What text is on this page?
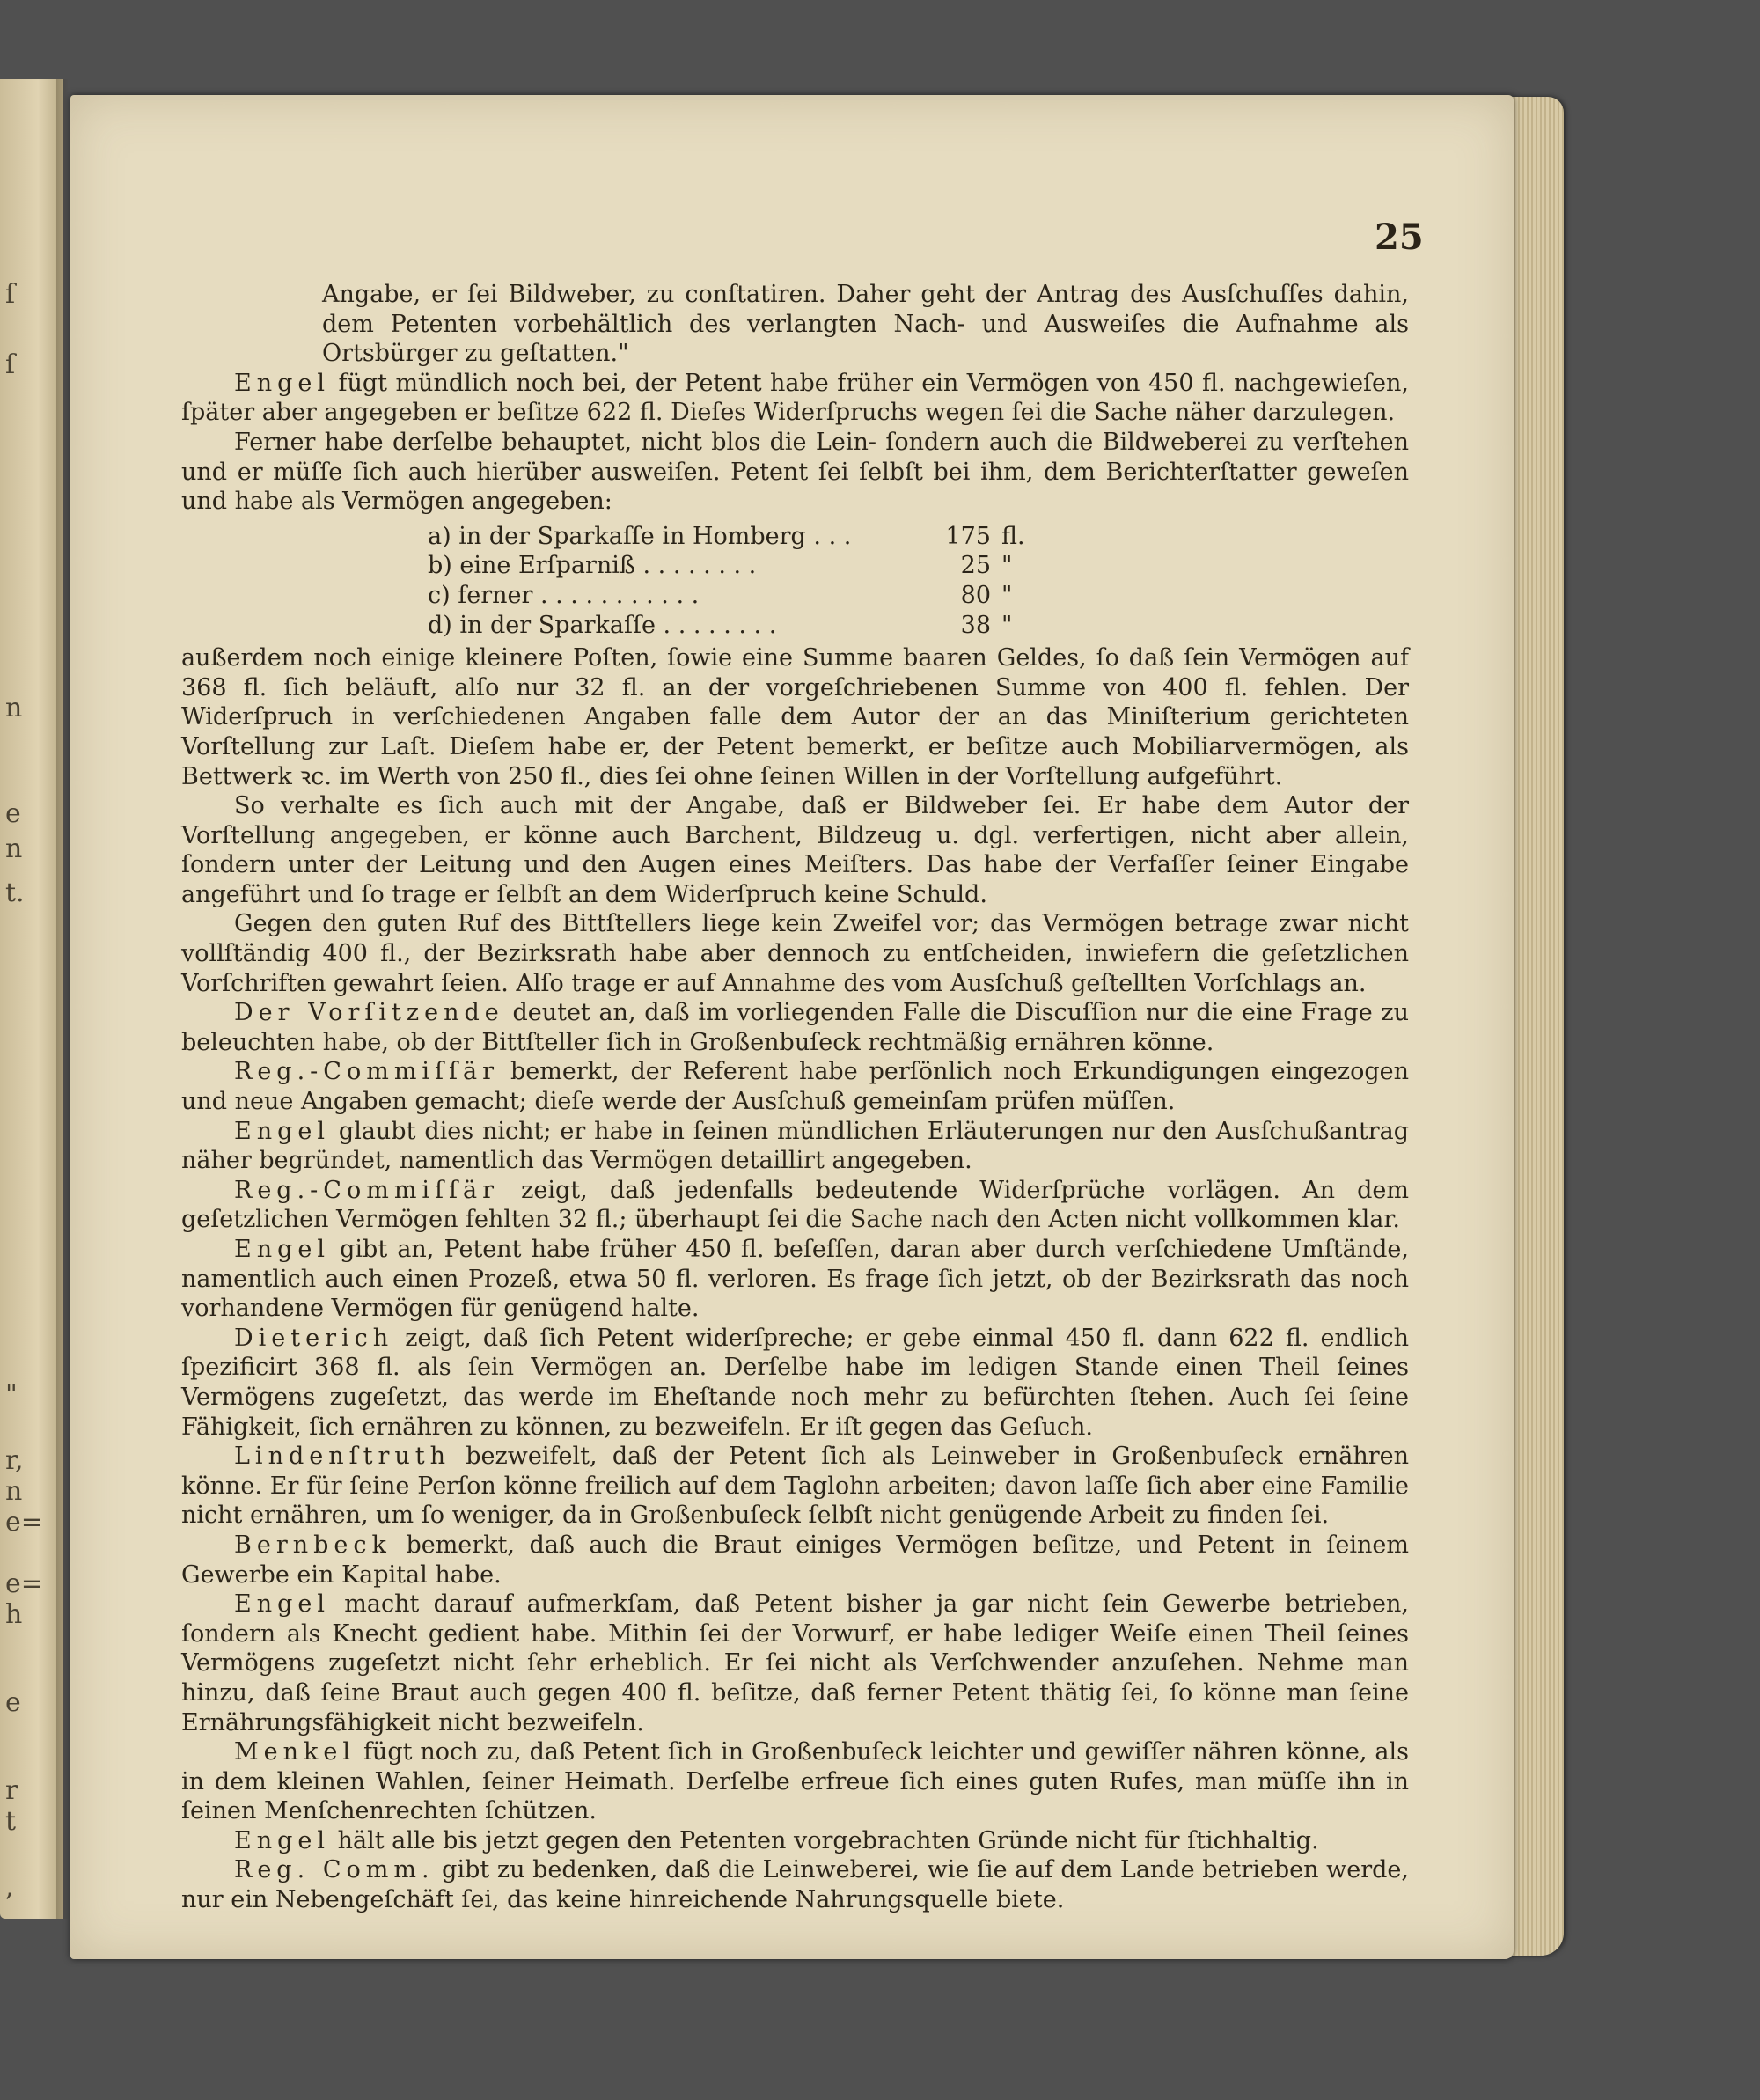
ſ
ſ
n
e
n
t.
"
r,
n
e=
e=
h
e
r
t
,
25

Angabe, er ſei Bildweber, zu conſtatiren. Daher geht der Antrag des Ausſchuſſes dahin, dem Petenten vorbehältlich des verlangten Nach- und Ausweiſes die Aufnahme als Ortsbürger zu geſtatten."

Engel fügt mündlich noch bei, der Petent habe früher ein Vermögen von 450 fl. nachgewieſen, ſpäter aber angegeben er beſitze 622 fl. Dieſes Widerſpruchs wegen ſei die Sache näher darzulegen.

Ferner habe derſelbe behauptet, nicht blos die Lein- ſondern auch die Bildweberei zu verſtehen und er müſſe ſich auch hierüber ausweiſen. Petent ſei ſelbſt bei ihm, dem Berichterſtatter geweſen und habe als Vermögen angegeben:

a) in der Sparkaſſe in Homberg . . .	175 fl.
b) eine Erſparniß . . . . . . . .	25 "
c) ferner . . . . . . . . . . .	80 "
d) in der Sparkaſſe . . . . . . . .	38 "

außerdem noch einige kleinere Poſten, ſowie eine Summe baaren Geldes, ſo daß ſein Vermögen auf 368 fl. ſich beläuft, alſo nur 32 fl. an der vorgeſchriebenen Summe von 400 fl. fehlen. Der Widerſpruch in verſchiedenen Angaben falle dem Autor der an das Miniſterium gerichteten Vorſtellung zur Laſt. Dieſem habe er, der Petent bemerkt, er beſitze auch Mobiliarvermögen, als Bettwerk ꝛc. im Werth von 250 fl., dies ſei ohne ſeinen Willen in der Vorſtellung aufgeführt.

So verhalte es ſich auch mit der Angabe, daß er Bildweber ſei. Er habe dem Autor der Vorſtellung angegeben, er könne auch Barchent, Bildzeug u. dgl. verfertigen, nicht aber allein, ſondern unter der Leitung und den Augen eines Meiſters. Das habe der Verfaſſer ſeiner Eingabe angeführt und ſo trage er ſelbſt an dem Widerſpruch keine Schuld.

Gegen den guten Ruf des Bittſtellers liege kein Zweifel vor; das Vermögen betrage zwar nicht vollſtändig 400 fl., der Bezirksrath habe aber dennoch zu entſcheiden, inwiefern die geſetzlichen Vorſchriften gewahrt ſeien. Alſo trage er auf Annahme des vom Ausſchuß geſtellten Vorſchlags an.

Der Vorſitzende deutet an, daß im vorliegenden Falle die Discuſſion nur die eine Frage zu beleuchten habe, ob der Bittſteller ſich in Großenbuſeck rechtmäßig ernähren könne.

Reg.-Commiſſär bemerkt, der Referent habe perſönlich noch Erkundigungen eingezogen und neue Angaben gemacht; dieſe werde der Ausſchuß gemeinſam prüfen müſſen.

Engel glaubt dies nicht; er habe in ſeinen mündlichen Erläuterungen nur den Ausſchußantrag näher begründet, namentlich das Vermögen detaillirt angegeben.

Reg.-Commiſſär zeigt, daß jedenfalls bedeutende Widerſprüche vorlägen. An dem geſetzlichen Vermögen fehlten 32 fl.; überhaupt ſei die Sache nach den Acten nicht vollkommen klar.

Engel gibt an, Petent habe früher 450 fl. beſeſſen, daran aber durch verſchiedene Umſtände, namentlich auch einen Prozeß, etwa 50 fl. verloren. Es frage ſich jetzt, ob der Bezirksrath das noch vorhandene Vermögen für genügend halte.

Dieterich zeigt, daß ſich Petent widerſpreche; er gebe einmal 450 fl. dann 622 fl. endlich ſpezificirt 368 fl. als ſein Vermögen an. Derſelbe habe im ledigen Stande einen Theil ſeines Vermögens zugeſetzt, das werde im Eheſtande noch mehr zu befürchten ſtehen. Auch ſei ſeine Fähigkeit, ſich ernähren zu können, zu bezweifeln. Er iſt gegen das Geſuch.

Lindenſtruth bezweifelt, daß der Petent ſich als Leinweber in Großenbuſeck ernähren könne. Er für ſeine Perſon könne freilich auf dem Taglohn arbeiten; davon laſſe ſich aber eine Familie nicht ernähren, um ſo weniger, da in Großenbuſeck ſelbſt nicht genügende Arbeit zu finden ſei.

Bernbeck bemerkt, daß auch die Braut einiges Vermögen beſitze, und Petent in ſeinem Gewerbe ein Kapital habe.

Engel macht darauf aufmerkſam, daß Petent bisher ja gar nicht ſein Gewerbe betrieben, ſondern als Knecht gedient habe. Mithin ſei der Vorwurf, er habe lediger Weiſe einen Theil ſeines Vermögens zugeſetzt nicht ſehr erheblich. Er ſei nicht als Verſchwender anzuſehen. Nehme man hinzu, daß ſeine Braut auch gegen 400 fl. beſitze, daß ferner Petent thätig ſei, ſo könne man ſeine Ernährungsfähigkeit nicht bezweifeln.

Menkel fügt noch zu, daß Petent ſich in Großenbuſeck leichter und gewiſſer nähren könne, als in dem kleinen Wahlen, ſeiner Heimath. Derſelbe erfreue ſich eines guten Rufes, man müſſe ihn in ſeinen Menſchenrechten ſchützen.

Engel hält alle bis jetzt gegen den Petenten vorgebrachten Gründe nicht für ſtichhaltig.

Reg. Comm. gibt zu bedenken, daß die Leinweberei, wie ſie auf dem Lande betrieben werde, nur ein Nebengeſchäft ſei, das keine hinreichende Nahrungsquelle biete.
